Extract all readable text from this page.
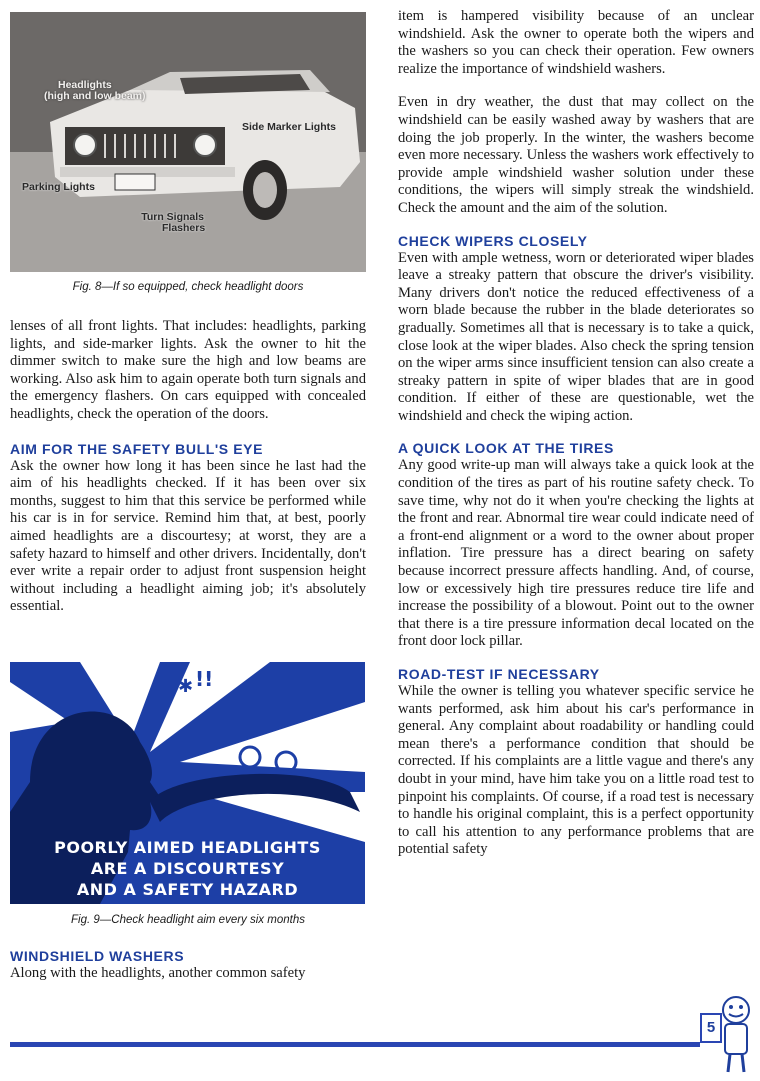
Headlights
(high and low beam)
Side Marker Lights
Parking Lights
Turn Signals
Flashers
Fig. 8—If so equipped, check headlight doors

lenses of all front lights. That includes: headlights, parking lights, and side-marker lights. Ask the owner to hit the dimmer switch to make sure the high and low beams are working. Also ask him to again operate both turn signals and the emergency flashers. On cars equipped with concealed headlights, check the operation of the doors.

AIM FOR THE SAFETY BULL'S EYE

Ask the owner how long it has been since he last had the aim of his headlights checked. If it has been over six months, suggest to him that this service be performed while his car is in for service. Remind him that, at best, poorly aimed headlights are a discourtesy; at worst, they are a safety hazard to himself and other drivers. Incidentally, don't ever write a repair order to adjust front suspension height without including a headlight aiming job; it's absolutely essential.

!!
✱
POORLY AIMED HEADLIGHTS
ARE A DISCOURTESY
AND A SAFETY HAZARD
Fig. 9—Check headlight aim every six months
WINDSHIELD WASHERS

Along with the headlights, another common safety

item is hampered visibility because of an unclear windshield. Ask the owner to operate both the wipers and the washers so you can check their operation. Few owners realize the importance of windshield washers.

Even in dry weather, the dust that may collect on the windshield can be easily washed away by washers that are doing the job properly. In the winter, the washers become even more necessary. Unless the washers work effectively to provide ample windshield washer solution under these conditions, the wipers will simply streak the windshield. Check the amount and the aim of the solution.

CHECK WIPERS CLOSELY

Even with ample wetness, worn or deteriorated wiper blades leave a streaky pattern that obscure the driver's visibility. Many drivers don't notice the reduced effectiveness of a worn blade because the rubber in the blade deteriorates so gradually. Sometimes all that is necessary is to take a quick, close look at the wiper blades. Also check the spring tension on the wiper arms since insufficient tension can also create a streaky pattern in spite of wiper blades that are in good condition. If either of these are questionable, wet the windshield and check the wiping action.

A QUICK LOOK AT THE TIRES

Any good write-up man will always take a quick look at the condition of the tires as part of his routine safety check. To save time, why not do it when you're checking the lights at the front and rear. Abnormal tire wear could indicate need of a front-end alignment or a word to the owner about proper inflation. Tire pressure has a direct bearing on safety because incorrect pressure affects handling. And, of course, low or excessively high tire pressures reduce tire life and increase the possibility of a blowout. Point out to the owner that there is a tire pressure information decal located on the front door lock pillar.

ROAD-TEST IF NECESSARY

While the owner is telling you whatever specific service he wants performed, ask him about his car's performance in general. Any complaint about roadability or handling could mean there's a performance condition that should be corrected. If his complaints are a little vague and there's any doubt in your mind, have him take you on a little road test to pinpoint his complaints. Of course, if a road test is necessary to handle his original complaint, this is a perfect opportunity to call his attention to any performance problems that are potential safety

5
